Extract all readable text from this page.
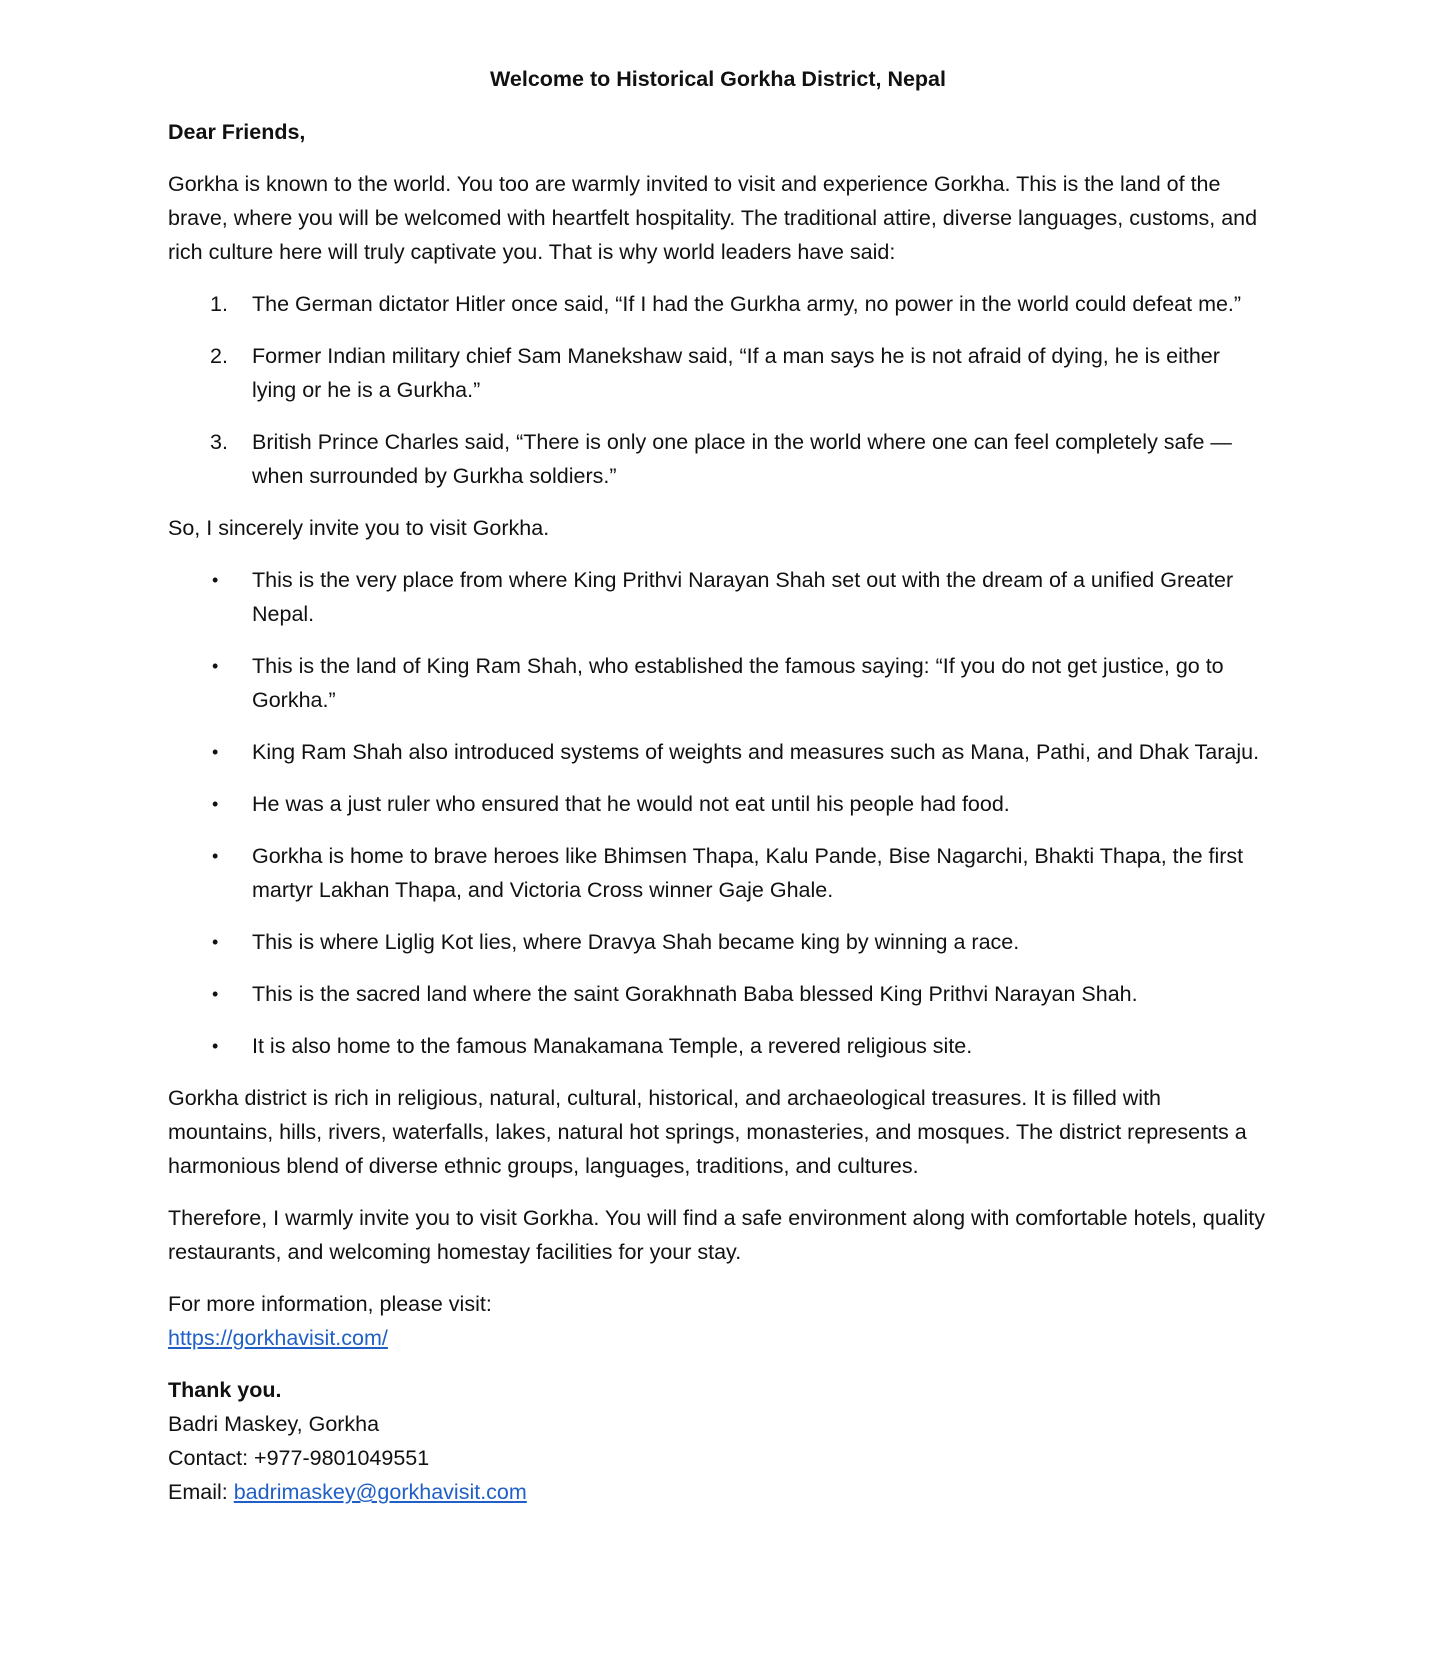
Welcome to Historical Gorkha District, Nepal
Dear Friends,

Gorkha is known to the world. You too are warmly invited to visit and experience Gorkha. This is the land of the brave, where you will be welcomed with heartfelt hospitality. The traditional attire, diverse languages, customs, and rich culture here will truly captivate you. That is why world leaders have said:

1. The German dictator Hitler once said, “If I had the Gurkha army, no power in the world could defeat me.”
2. Former Indian military chief Sam Manekshaw said, “If a man says he is not afraid of dying, he is either lying or he is a Gurkha.”
3. British Prince Charles said, “There is only one place in the world where one can feel completely safe — when surrounded by Gurkha soldiers.”

So, I sincerely invite you to visit Gorkha.

• This is the very place from where King Prithvi Narayan Shah set out with the dream of a unified Greater Nepal.
• This is the land of King Ram Shah, who established the famous saying: “If you do not get justice, go to Gorkha.”
• King Ram Shah also introduced systems of weights and measures such as Mana, Pathi, and Dhak Taraju.
• He was a just ruler who ensured that he would not eat until his people had food.
• Gorkha is home to brave heroes like Bhimsen Thapa, Kalu Pande, Bise Nagarchi, Bhakti Thapa, the first martyr Lakhan Thapa, and Victoria Cross winner Gaje Ghale.
• This is where Liglig Kot lies, where Dravya Shah became king by winning a race.
• This is the sacred land where the saint Gorakhnath Baba blessed King Prithvi Narayan Shah.
• It is also home to the famous Manakamana Temple, a revered religious site.

Gorkha district is rich in religious, natural, cultural, historical, and archaeological treasures. It is filled with mountains, hills, rivers, waterfalls, lakes, natural hot springs, monasteries, and mosques. The district represents a harmonious blend of diverse ethnic groups, languages, traditions, and cultures.

Therefore, I warmly invite you to visit Gorkha. You will find a safe environment along with comfortable hotels, quality restaurants, and welcoming homestay facilities for your stay.

For more information, please visit:
https://gorkhavisit.com/

Thank you.
Badri Maskey, Gorkha
Contact: +977-9801049551
Email: badrimaskey@gorkhavisit.com
